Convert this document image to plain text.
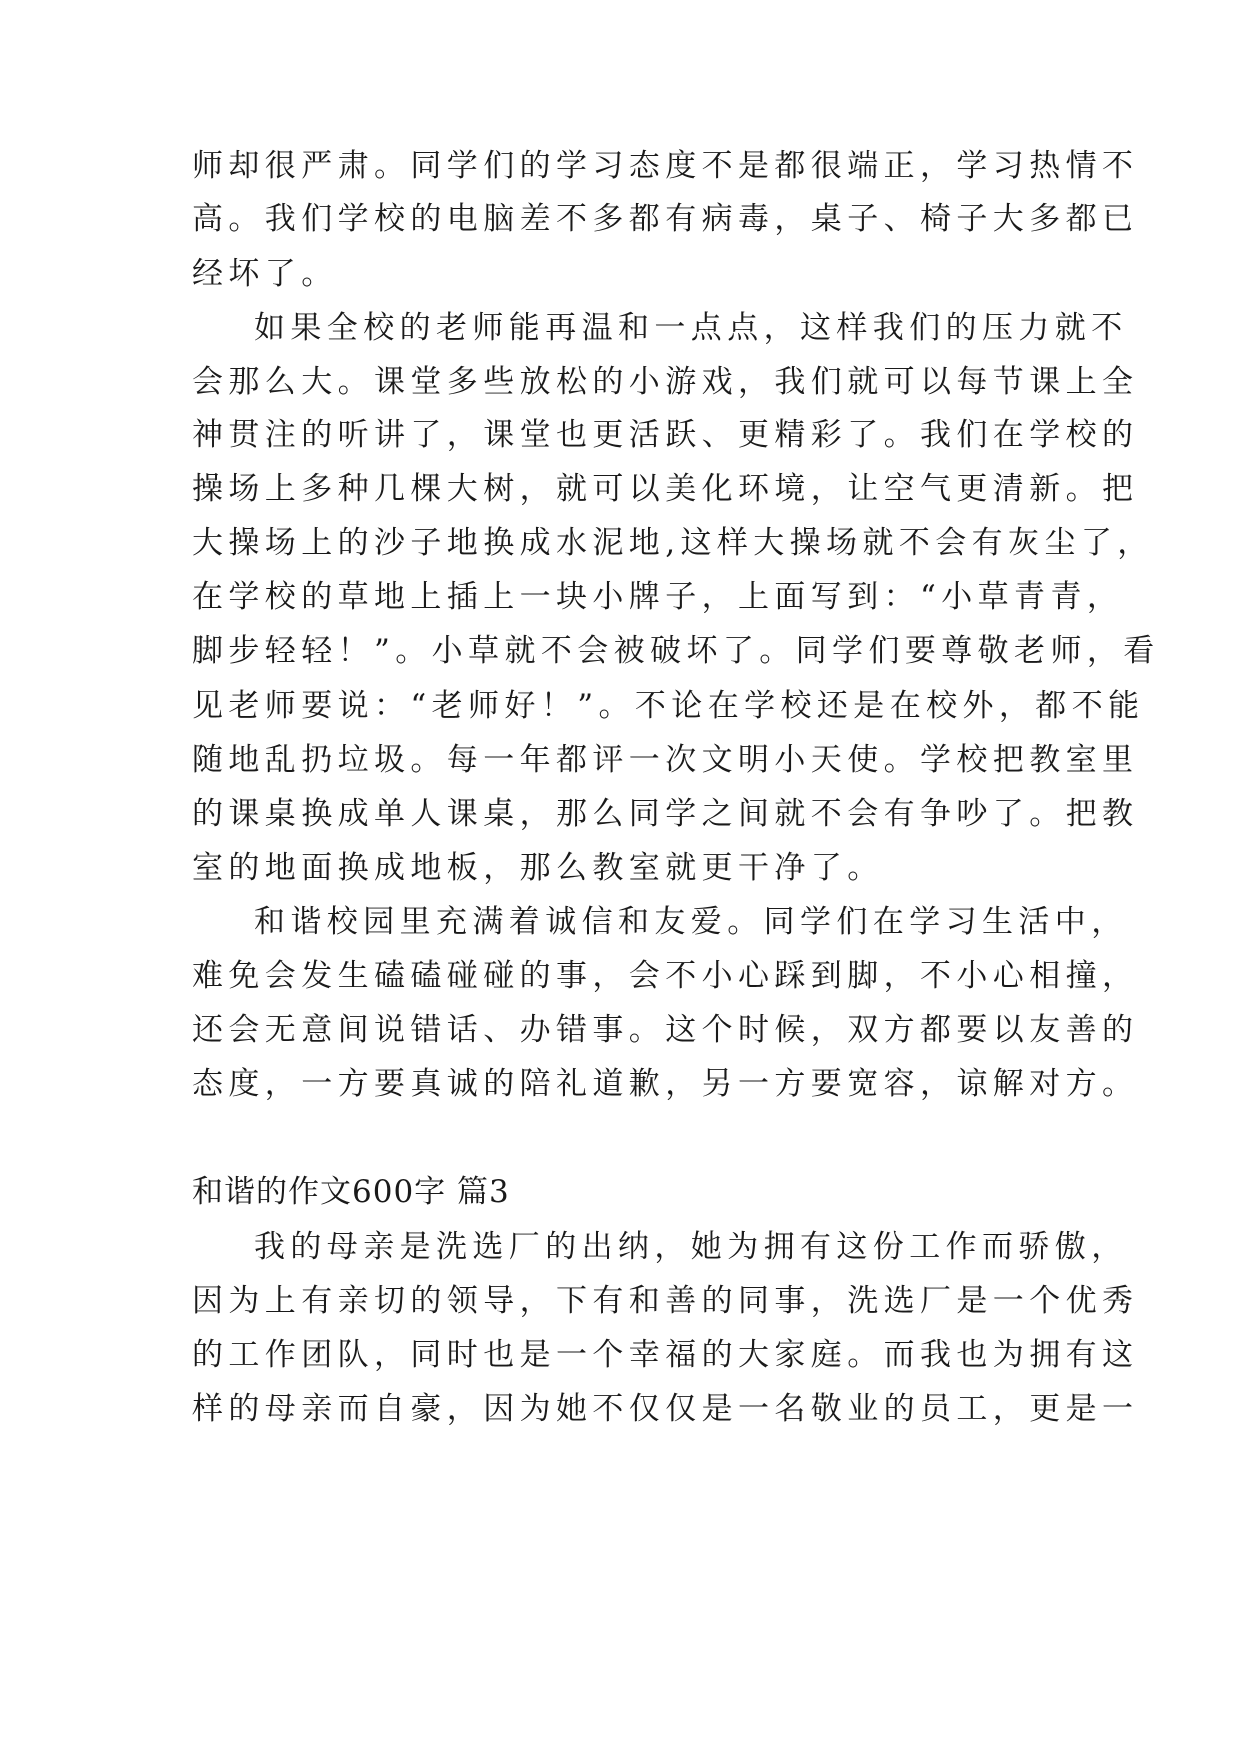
师却很严肃。同学们的学习态度不是都很端正，学习热情不

高。我们学校的电脑差不多都有病毒，桌子、椅子大多都已

经坏了。

如果全校的老师能再温和一点点，这样我们的压力就不

会那么大。课堂多些放松的小游戏，我们就可以每节课上全

神贯注的听讲了，课堂也更活跃、更精彩了。我们在学校的

操场上多种几棵大树，就可以美化环境，让空气更清新。把

大操场上的沙子地换成水泥地,这样大操场就不会有灰尘了，

在学校的草地上插上一块小牌子，上面写到：“小草青青，

脚步轻轻！”。小草就不会被破坏了。同学们要尊敬老师，看

见老师要说：“老师好！”。不论在学校还是在校外，都不能

随地乱扔垃圾。每一年都评一次文明小天使。学校把教室里

的课桌换成单人课桌，那么同学之间就不会有争吵了。把教

室的地面换成地板，那么教室就更干净了。

和谐校园里充满着诚信和友爱。同学们在学习生活中，

难免会发生磕磕碰碰的事，会不小心踩到脚，不小心相撞，

还会无意间说错话、办错事。这个时候，双方都要以友善的

态度，一方要真诚的陪礼道歉，另一方要宽容，谅解对方。

和谐的作文600字 篇3

我的母亲是洗选厂的出纳，她为拥有这份工作而骄傲，

因为上有亲切的领导，下有和善的同事，洗选厂是一个优秀

的工作团队，同时也是一个幸福的大家庭。而我也为拥有这

样的母亲而自豪，因为她不仅仅是一名敬业的员工，更是一
